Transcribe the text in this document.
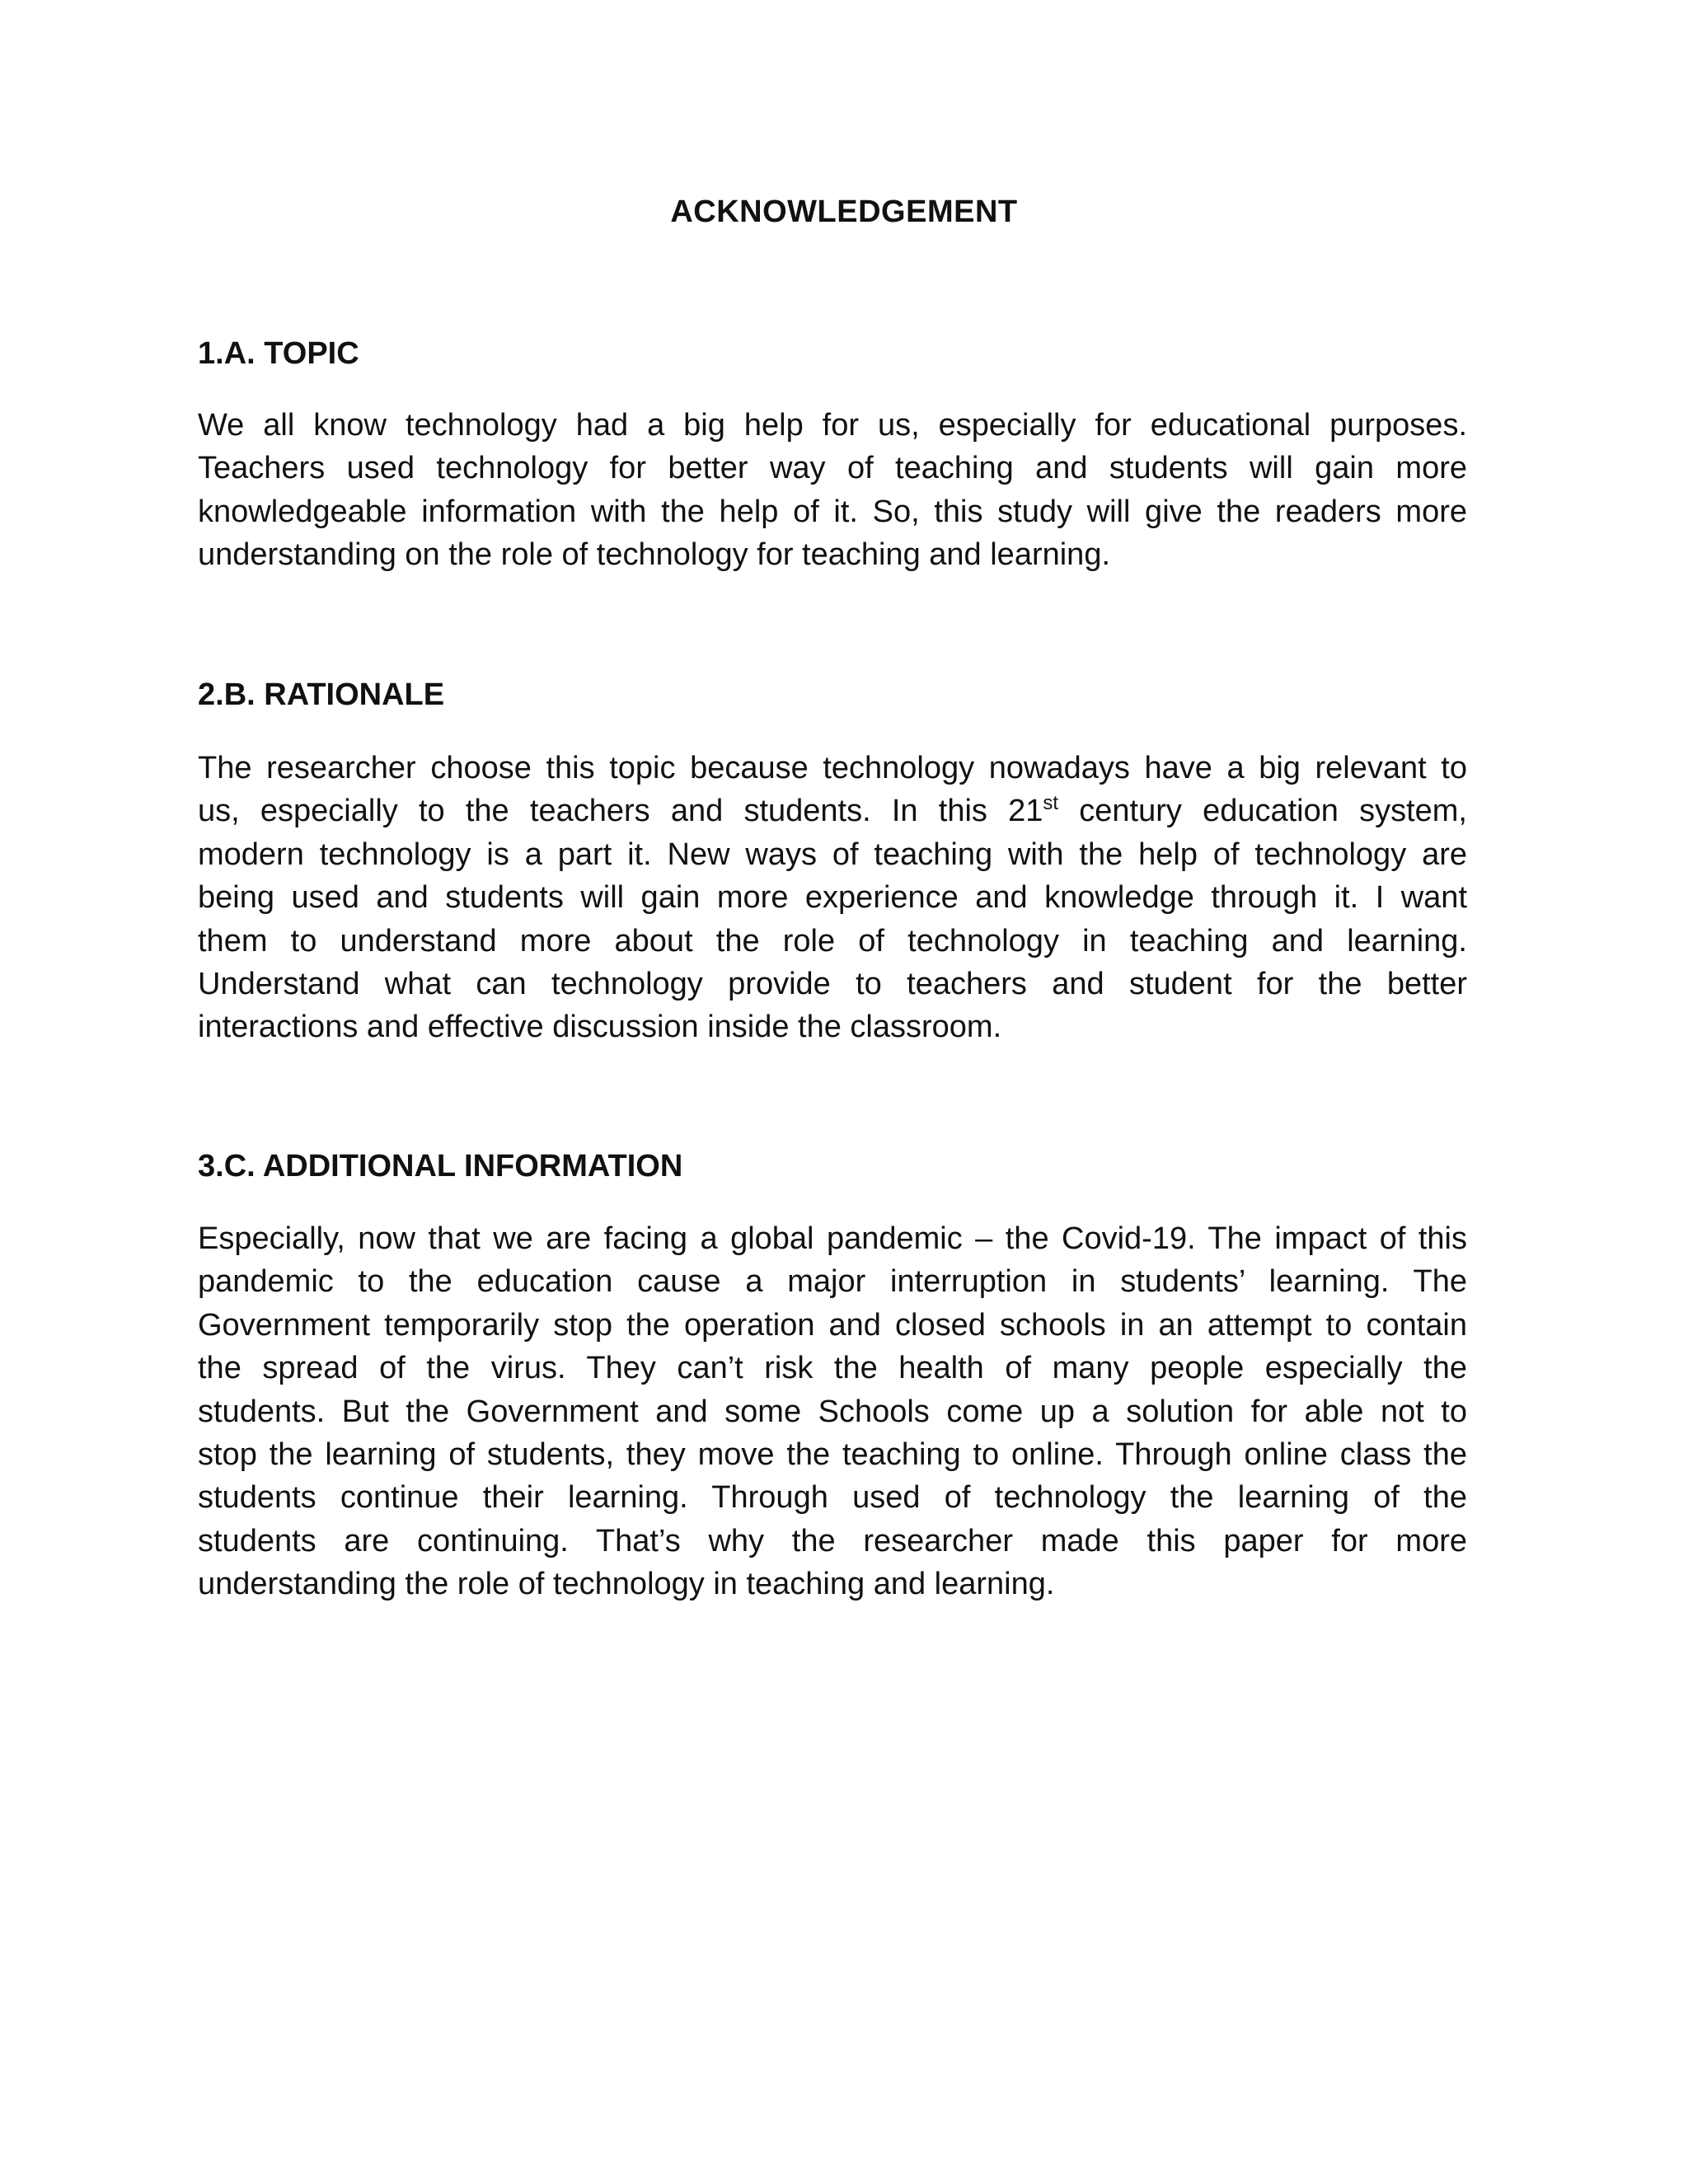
ACKNOWLEDGEMENT
1.A. TOPIC
We all know technology had a big help for us, especially for educational purposes.
Teachers used technology for better way of teaching and students will gain more
knowledgeable information with the help of it. So, this study will give the readers more
understanding on the role of technology for teaching and learning.
2.B. RATIONALE
The researcher choose this topic because technology nowadays have a big relevant to
us, especially to the teachers and students. In this 21st century education system,
modern technology is a part it. New ways of teaching with the help of technology are
being used and students will gain more experience and knowledge through it. I want
them to understand more about the role of technology in teaching and learning.
Understand what can technology provide to teachers and student for the better
interactions and effective discussion inside the classroom.
3.C. ADDITIONAL INFORMATION
Especially, now that we are facing a global pandemic – the Covid-19. The impact of this
pandemic to the education cause a major interruption in students’ learning. The
Government temporarily stop the operation and closed schools in an attempt to contain
the spread of the virus. They can’t risk the health of many people especially the
students. But the Government and some Schools come up a solution for able not to
stop the learning of students, they move the teaching to online. Through online class the
students continue their learning. Through used of technology the learning of the
students are continuing. That’s why the researcher made this paper for more
understanding the role of technology in teaching and learning.
